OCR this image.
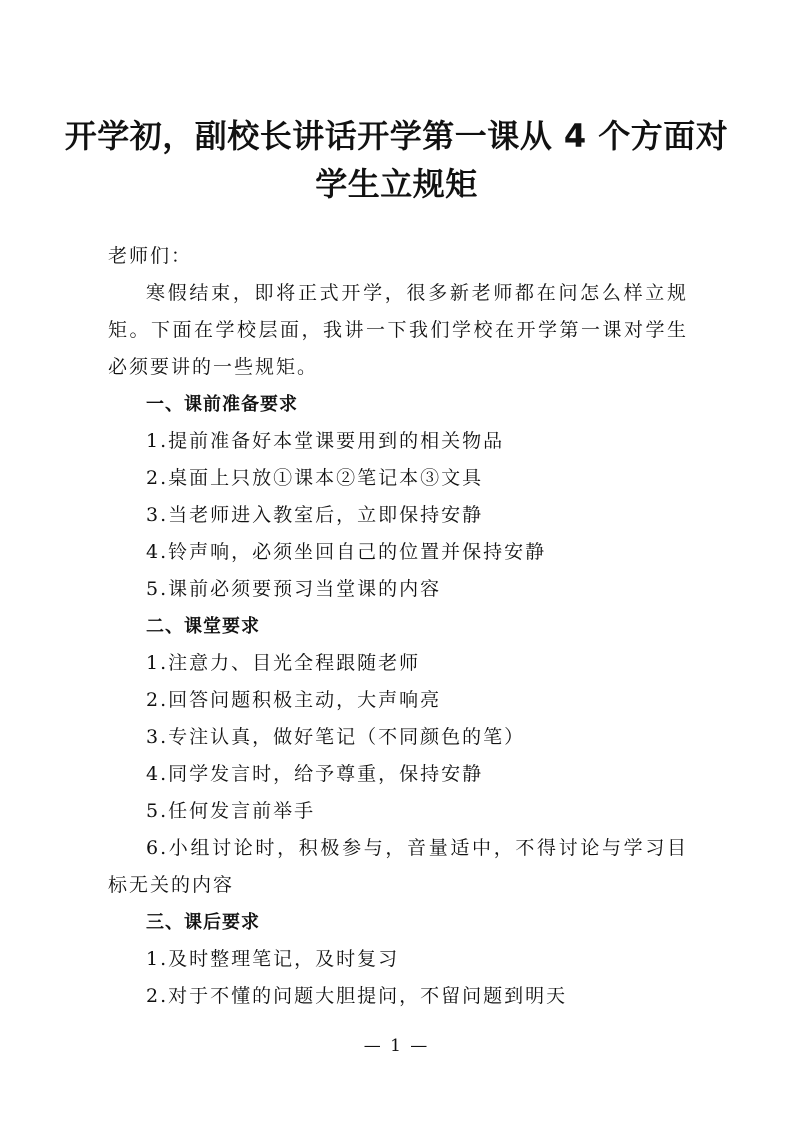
开学初，副校长讲话开学第一课从 4 个方面对学生立规矩

老师们：

寒假结束，即将正式开学，很多新老师都在问怎么样立规矩。下面在学校层面，我讲一下我们学校在开学第一课对学生必须要讲的一些规矩。

一、课前准备要求

1.提前准备好本堂课要用到的相关物品

2.桌面上只放①课本②笔记本③文具

3.当老师进入教室后，立即保持安静

4.铃声响，必须坐回自己的位置并保持安静

5.课前必须要预习当堂课的内容

二、课堂要求

1.注意力、目光全程跟随老师

2.回答问题积极主动，大声响亮

3.专注认真，做好笔记（不同颜色的笔）

4.同学发言时，给予尊重，保持安静

5.任何发言前举手

6.小组讨论时，积极参与，音量适中，不得讨论与学习目标无关的内容

三、课后要求

1.及时整理笔记，及时复习

2.对于不懂的问题大胆提问，不留问题到明天

— 1 —
